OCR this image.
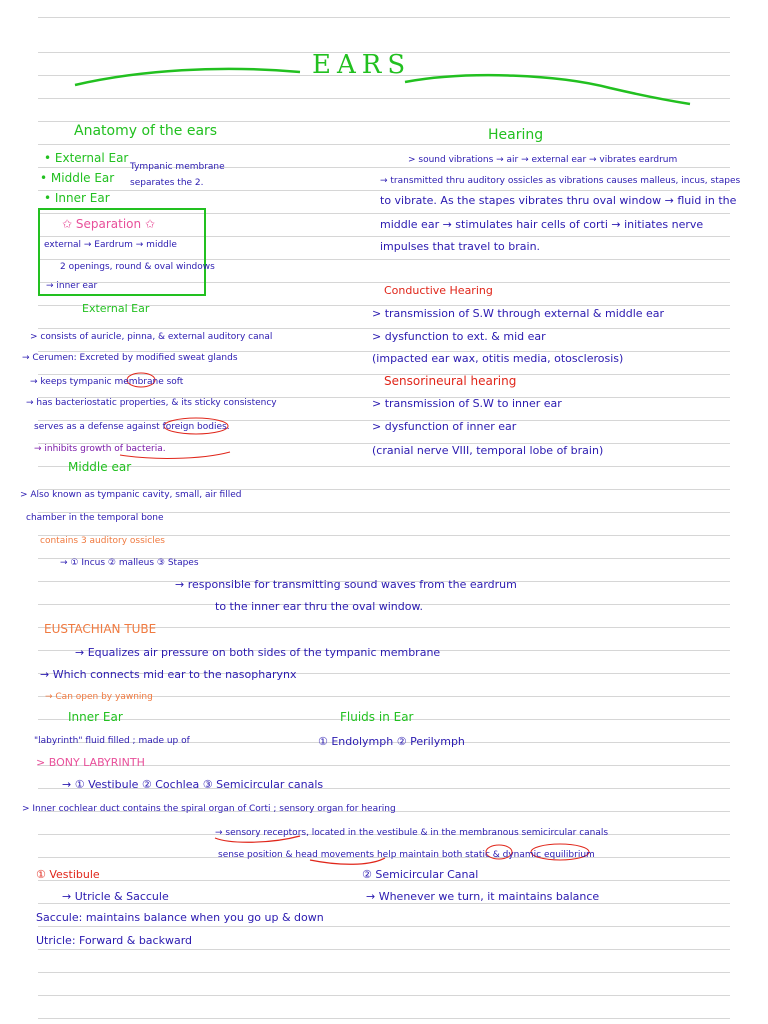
EARS
Anatomy of the ears
• External Ear
Tympanic membrane
• Middle Ear separates the 2.
• Inner Ear
✩ Separation ✩
external → Eardrum → middle
2 openings, round & oval windows
→ inner ear
External Ear
> consists of auricle, pinna, & external auditory canal
→ Cerumen: Excreted by modified sweat glands
→ keeps tympanic membrane soft
→ has bacteriostatic properties, & its sticky consistency
serves as a defense against foreign bodies.
→ inhibits growth of bacteria.
Middle ear
> Also known as tympanic cavity, small, air filled
chamber in the temporal bone
contains 3 auditory ossicles
→ ① Incus ② malleus ③ Stapes
→ responsible for transmitting sound waves from the eardrum
to the inner ear thru the oval window.
EUSTACHIAN TUBE
→ Equalizes air pressure on both sides of the tympanic membrane
→ Which connects mid ear to the nasopharynx
→ Can open by yawning
Inner Ear
"labyrinth" fluid filled ; made up of
> BONY LABYRINTH
→ ① Vestibule ② Cochlea ③ Semicircular canals
> Inner cochlear duct contains the spiral organ of Corti ; sensory organ for hearing
→ sensory receptors, located in the vestibule & in the membranous semicircular canals
sense position & head movements help maintain both static & dynamic equilibrium
① Vestibule
→ Utricle & Saccule
Saccule: maintains balance when you go up & down
Utricle: Forward & backward
Hearing
> sound vibrations → air → external ear → vibrates eardrum
→ transmitted thru auditory ossicles as vibrations causes malleus, incus, stapes
to vibrate. As the stapes vibrates thru oval window → fluid in the
middle ear → stimulates hair cells of corti → initiates nerve
impulses that travel to brain.
Conductive Hearing
> transmission of S.W through external & middle ear
> dysfunction to ext. & mid ear
(impacted ear wax, otitis media, otosclerosis)
Sensorineural hearing
> transmission of S.W to inner ear
> dysfunction of inner ear
(cranial nerve VIII, temporal lobe of brain)
Fluids in Ear
① Endolymph ② Perilymph
② Semicircular Canal
→ Whenever we turn, it maintains balance
